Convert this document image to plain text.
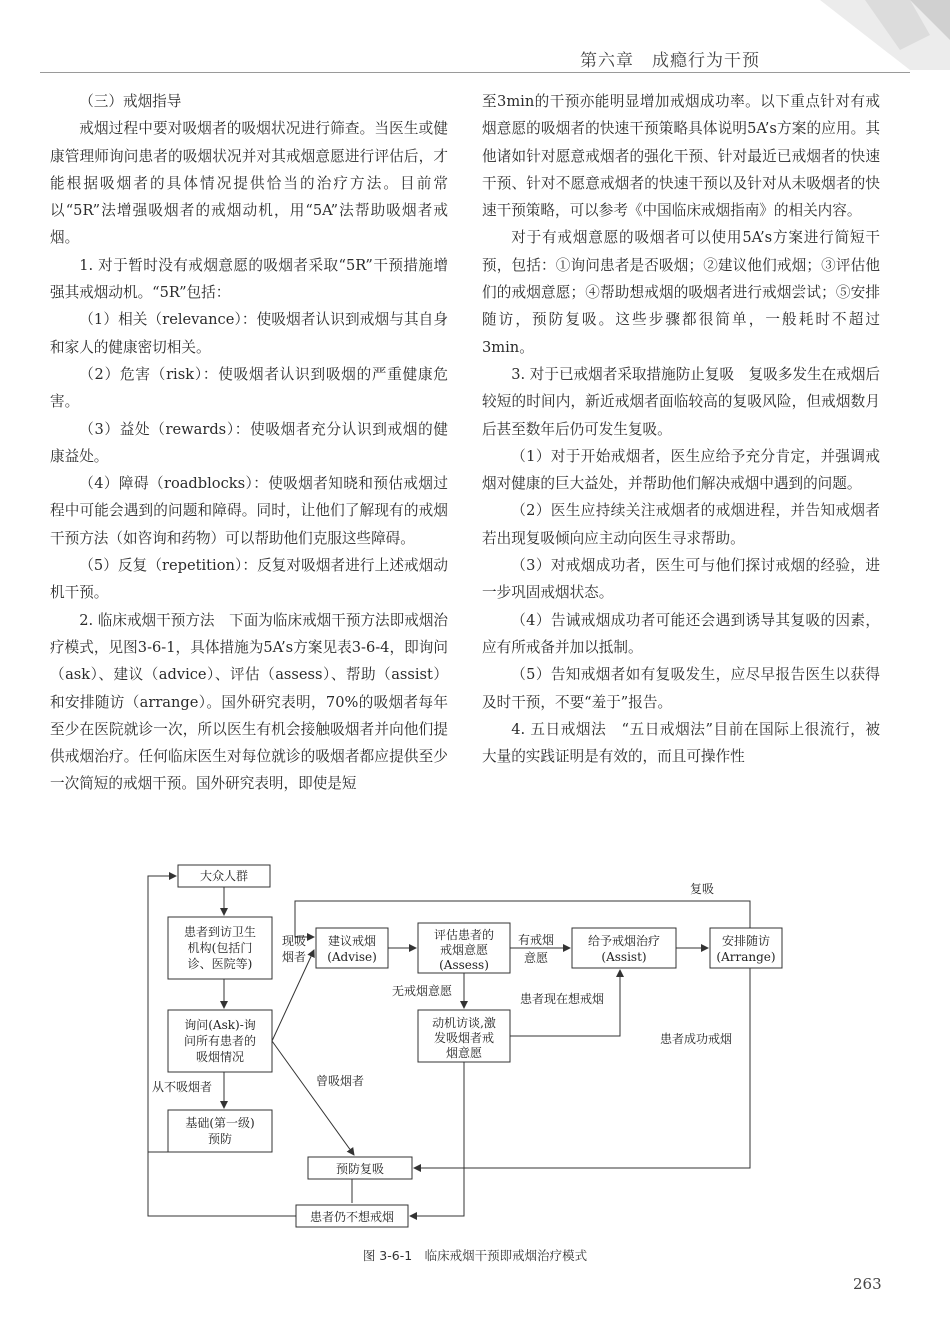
第六章　成瘾行为干预

（三）戒烟指导

戒烟过程中要对吸烟者的吸烟状况进行筛查。当医生或健康管理师询问患者的吸烟状况并对其戒烟意愿进行评估后，才能根据吸烟者的具体情况提供恰当的治疗方法。目前常以“5R”法增强吸烟者的戒烟动机，用“5A”法帮助吸烟者戒烟。

1. 对于暂时没有戒烟意愿的吸烟者采取“5R”干预措施增强其戒烟动机。“5R”包括：

（1）相关（relevance）：使吸烟者认识到戒烟与其自身和家人的健康密切相关。

（2）危害（risk）：使吸烟者认识到吸烟的严重健康危害。

（3）益处（rewards）：使吸烟者充分认识到戒烟的健康益处。

（4）障碍（roadblocks）：使吸烟者知晓和预估戒烟过程中可能会遇到的问题和障碍。同时，让他们了解现有的戒烟干预方法（如咨询和药物）可以帮助他们克服这些障碍。

（5）反复（repetition）：反复对吸烟者进行上述戒烟动机干预。

2. 临床戒烟干预方法　下面为临床戒烟干预方法即戒烟治疗模式，见图3-6-1，具体措施为5A’s方案见表3-6-4，即询问（ask）、建议（advice）、评估（assess）、帮助（assist）和安排随访（arrange）。国外研究表明，70%的吸烟者每年至少在医院就诊一次，所以医生有机会接触吸烟者并向他们提供戒烟治疗。任何临床医生对每位就诊的吸烟者都应提供至少一次简短的戒烟干预。国外研究表明，即使是短

至3min的干预亦能明显增加戒烟成功率。以下重点针对有戒烟意愿的吸烟者的快速干预策略具体说明5A’s方案的应用。其他诸如针对愿意戒烟者的强化干预、针对最近已戒烟者的快速干预、针对不愿意戒烟者的快速干预以及针对从未吸烟者的快速干预策略，可以参考《中国临床戒烟指南》的相关内容。

对于有戒烟意愿的吸烟者可以使用5A’s方案进行简短干预，包括：①询问患者是否吸烟；②建议他们戒烟；③评估他们的戒烟意愿；④帮助想戒烟的吸烟者进行戒烟尝试；⑤安排随访，预防复吸。这些步骤都很简单，一般耗时不超过3min。

3. 对于已戒烟者采取措施防止复吸　复吸多发生在戒烟后较短的时间内，新近戒烟者面临较高的复吸风险，但戒烟数月后甚至数年后仍可发生复吸。

（1）对于开始戒烟者，医生应给予充分肯定，并强调戒烟对健康的巨大益处，并帮助他们解决戒烟中遇到的问题。

（2）医生应持续关注戒烟者的戒烟进程，并告知戒烟者若出现复吸倾向应主动向医生寻求帮助。

（3）对戒烟成功者，医生可与他们探讨戒烟的经验，进一步巩固戒烟状态。

（4）告诫戒烟成功者可能还会遇到诱导其复吸的因素，应有所戒备并加以抵制。

（5）告知戒烟者如有复吸发生，应尽早报告医生以获得及时干预，不要“羞于”报告。

4. 五日戒烟法　“五日戒烟法”目前在国际上很流行，被大量的实践证明是有效的，而且可操作性

大众人群
患者到访卫生
机构(包括门
诊、医院等)
询问(Ask)-询
问所有患者的
吸烟情况
基础(第一级)
预防
建议戒烟
(Advise)
评估患者的
戒烟意愿
(Assess)
给予戒烟治疗
(Assist)
安排随访
(Arrange)
动机访谈,激
发吸烟者戒
烟意愿
预防复吸
患者仍不想戒烟
复吸
现吸
烟者
有戒烟
意愿
无戒烟意愿
患者现在想戒烟
患者成功戒烟
从不吸烟者	曾吸烟者
图 3-6-1　临床戒烟干预即戒烟治疗模式
263
